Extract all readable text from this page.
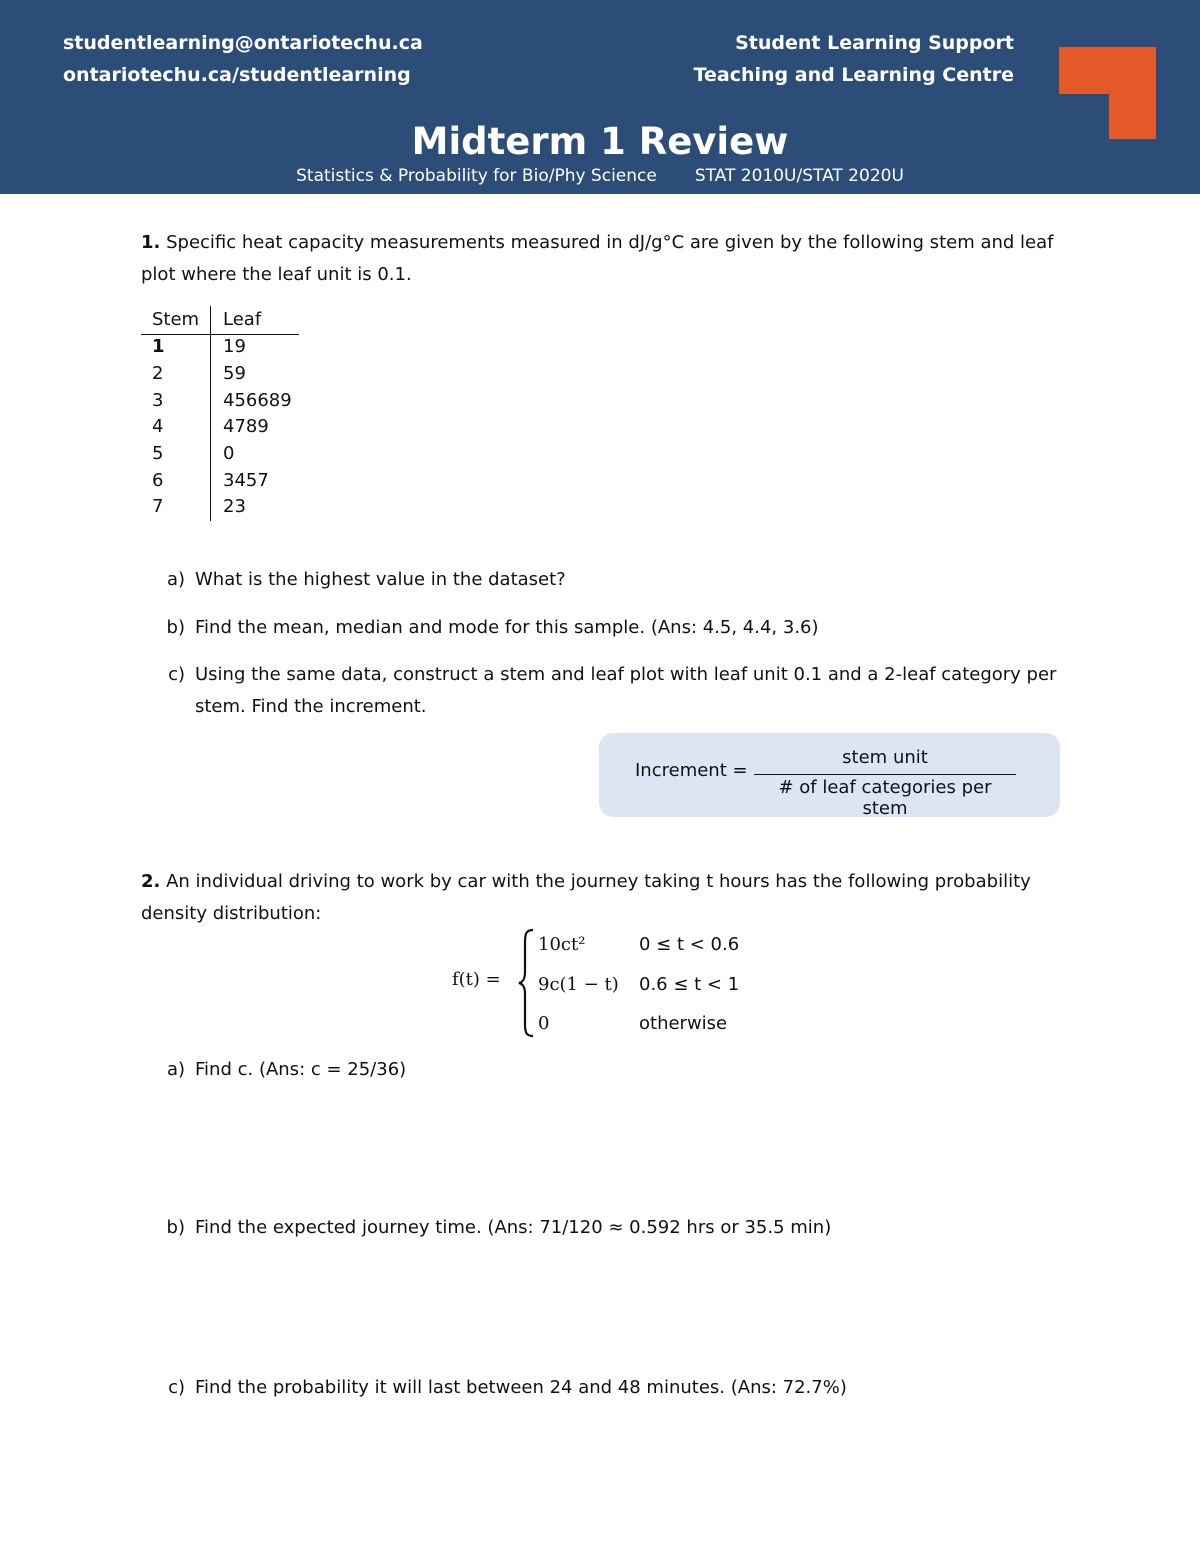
studentlearning@ontariotechu.ca
ontariotechu.ca/studentlearning
Student Learning Support
Teaching and Learning Centre
Midterm 1 Review
Statistics & Probability for Bio/Phy Science STAT 2010U/STAT 2020U
1. Specific heat capacity measurements measured in dJ/g°C are given by the following stem and leaf plot where the leaf unit is 0.1.
Stem Leaf
1	19
2	59
3	456689
4	4789
5	0
6	3457
7	23
a) What is the highest value in the dataset?
b) Find the mean, median and mode for this sample. (Ans: 4.5, 4.4, 3.6)
c) Using the same data, construct a stem and leaf plot with leaf unit 0.1 and a 2-leaf category per
stem. Find the increment.
Increment =
stem unit
# of leaf categories per stem
2. An individual driving to work by car with the journey taking t hours has the following probability density distribution:
f(t) =
10ct²	0 ≤ t < 0.6
9c(1 − t) 0.6 ≤ t < 1
0	otherwise
a) Find c. (Ans: c = 25/36)
b) Find the expected journey time. (Ans: 71/120 ≈ 0.592 hrs or 35.5 min)
c) Find the probability it will last between 24 and 48 minutes. (Ans: 72.7%)
